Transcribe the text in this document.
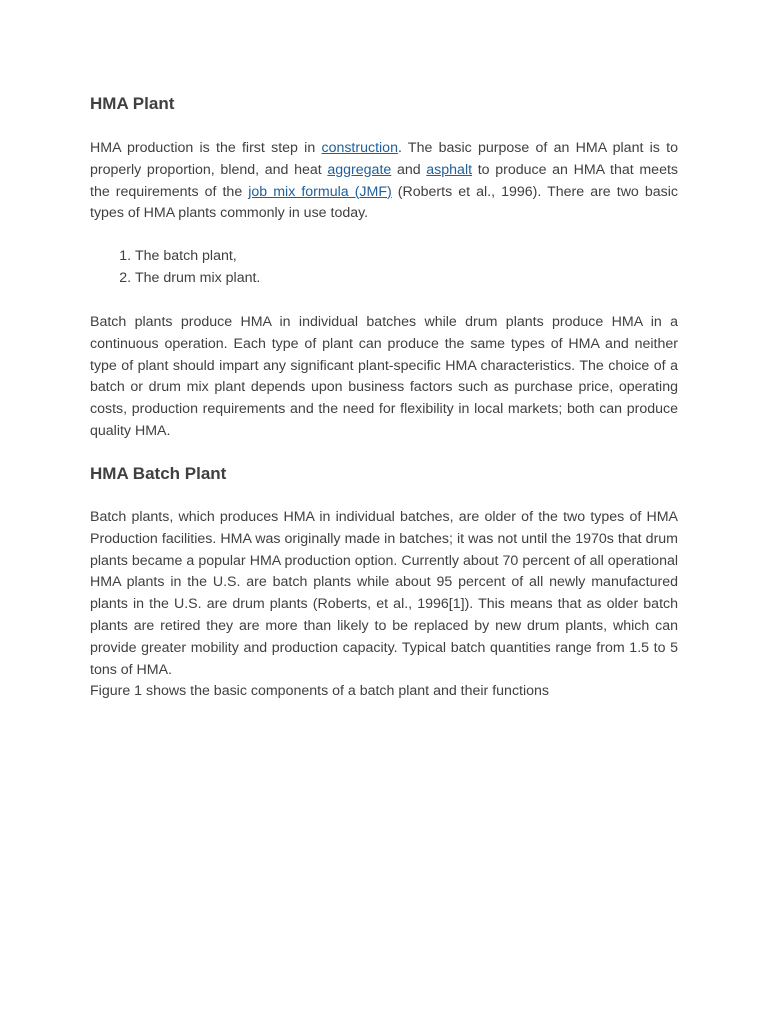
HMA Plant

HMA production is the first step in construction. The basic purpose of an HMA plant is to properly proportion, blend, and heat aggregate and asphalt to produce an HMA that meets the requirements of the job mix formula (JMF) (Roberts et al., 1996). There are two basic types of HMA plants commonly in use today.

1. The batch plant,
2. The drum mix plant.

Batch plants produce HMA in individual batches while drum plants produce HMA in a continuous operation. Each type of plant can produce the same types of HMA and neither type of plant should impart any significant plant-specific HMA characteristics. The choice of a batch or drum mix plant depends upon business factors such as purchase price, operating costs, production requirements and the need for flexibility in local markets; both can produce quality HMA.

HMA Batch Plant

Batch plants, which produces HMA in individual batches, are older of the two types of HMA Production facilities. HMA was originally made in batches; it was not until the 1970s that drum plants became a popular HMA production option. Currently about 70 percent of all operational HMA plants in the U.S. are batch plants while about 95 percent of all newly manufactured plants in the U.S. are drum plants (Roberts, et al., 1996[1]). This means that as older batch plants are retired they are more than likely to be replaced by new drum plants, which can provide greater mobility and production capacity. Typical batch quantities range from 1.5 to 5 tons of HMA.

Figure 1 shows the basic components of a batch plant and their functions
